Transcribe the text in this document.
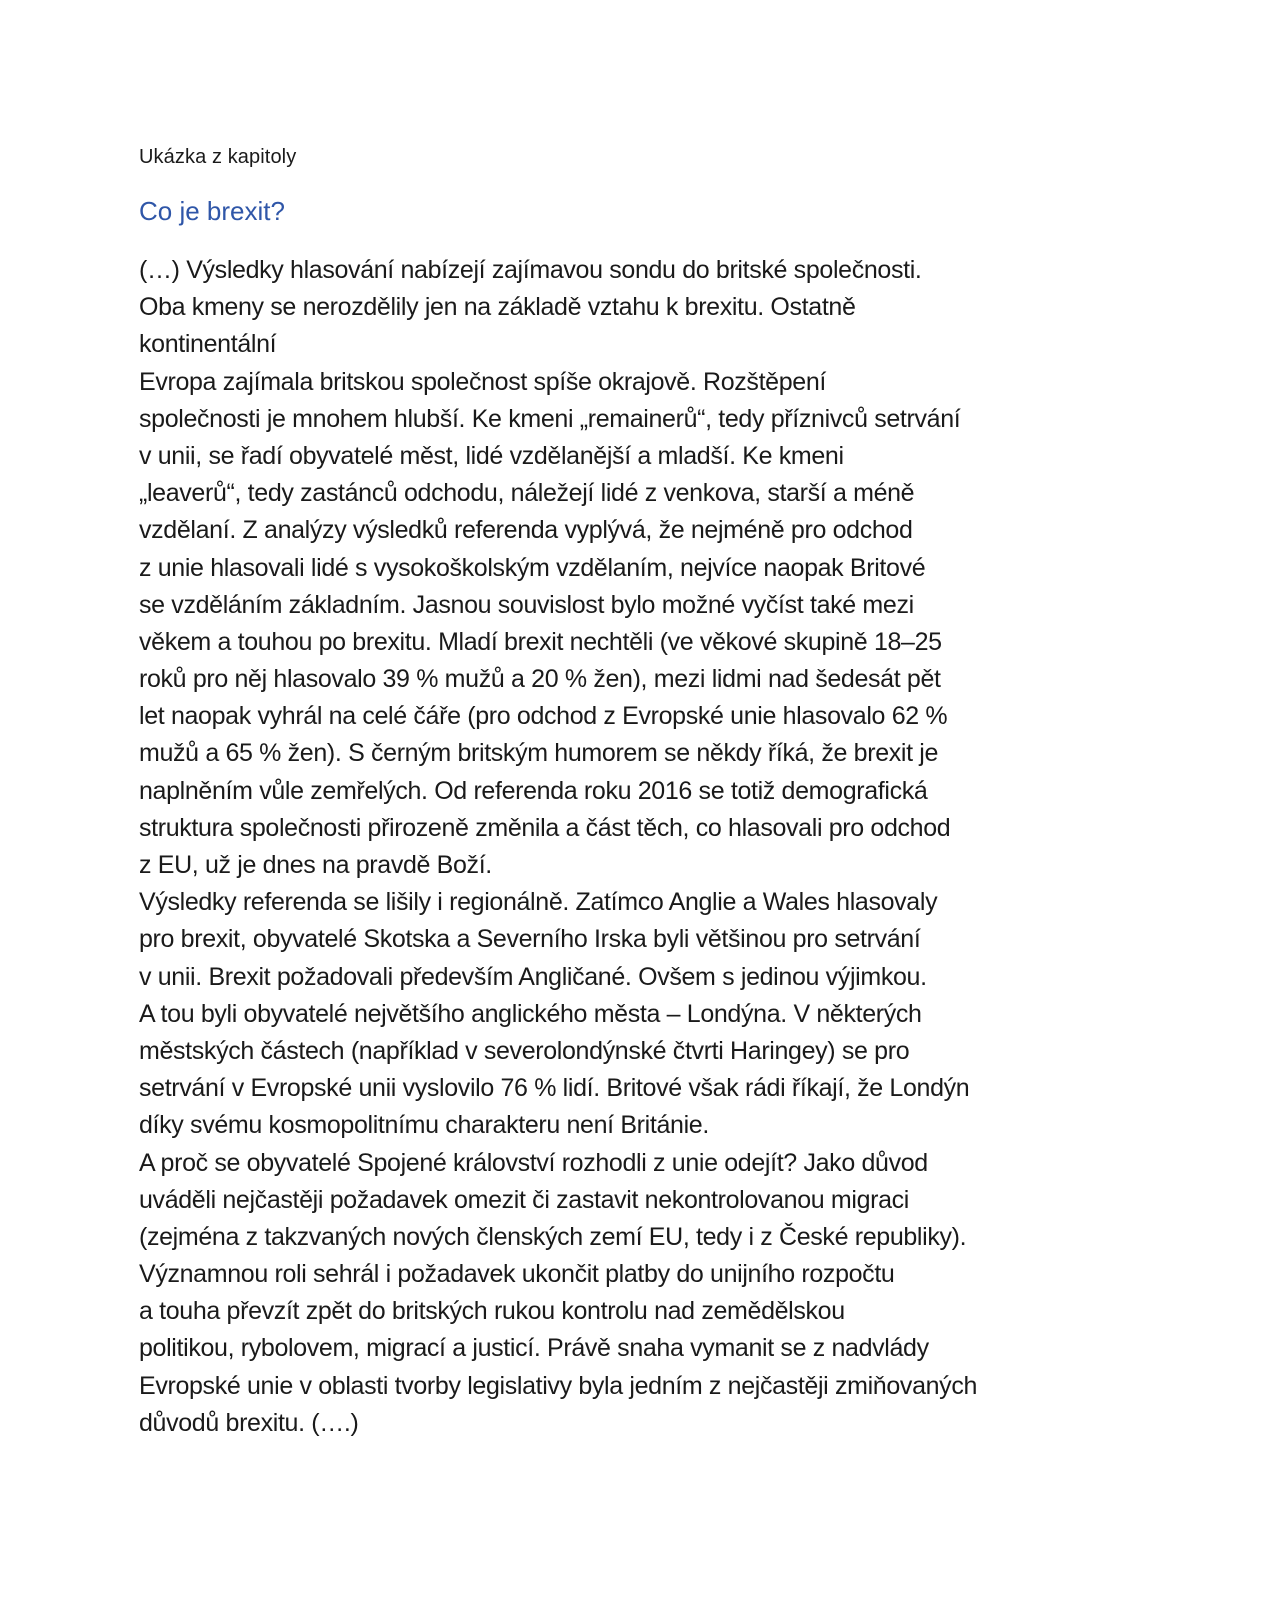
Ukázka z kapitoly
Co je brexit?
(…) Výsledky hlasování nabízejí zajímavou sondu do britské společnosti.
Oba kmeny se nerozdělily jen na základě vztahu k brexitu. Ostatně
kontinentální
Evropa zajímala britskou společnost spíše okrajově. Rozštěpení
společnosti je mnohem hlubší. Ke kmeni „remainerů“, tedy příznivců setrvání
v unii, se řadí obyvatelé měst, lidé vzdělanější a mladší. Ke kmeni
„leaverů“, tedy zastánců odchodu, náležejí lidé z venkova, starší a méně
vzdělaní. Z analýzy výsledků referenda vyplývá, že nejméně pro odchod
z unie hlasovali lidé s vysokoškolským vzdělaním, nejvíce naopak Britové
se vzděláním základním. Jasnou souvislost bylo možné vyčíst také mezi
věkem a touhou po brexitu. Mladí brexit nechtěli (ve věkové skupině 18–25
roků pro něj hlasovalo 39 % mužů a 20 % žen), mezi lidmi nad šedesát pět
let naopak vyhrál na celé čáře (pro odchod z Evropské unie hlasovalo 62 %
mužů a 65 % žen). S černým britským humorem se někdy říká, že brexit je
naplněním vůle zemřelých. Od referenda roku 2016 se totiž demografická
struktura společnosti přirozeně změnila a část těch, co hlasovali pro odchod
z EU, už je dnes na pravdě Boží.
Výsledky referenda se lišily i regionálně. Zatímco Anglie a Wales hlasovaly
pro brexit, obyvatelé Skotska a Severního Irska byli většinou pro setrvání
v unii. Brexit požadovali především Angličané. Ovšem s jedinou výjimkou.
A tou byli obyvatelé největšího anglického města – Londýna. V některých
městských částech (například v severolondýnské čtvrti Haringey) se pro
setrvání v Evropské unii vyslovilo 76 % lidí. Britové však rádi říkají, že Londýn
díky svému kosmopolitnímu charakteru není Británie.
A proč se obyvatelé Spojené království rozhodli z unie odejít? Jako důvod
uváděli nejčastěji požadavek omezit či zastavit nekontrolovanou migraci
(zejména z takzvaných nových členských zemí EU, tedy i z České republiky).
Významnou roli sehrál i požadavek ukončit platby do unijního rozpočtu
a touha převzít zpět do britských rukou kontrolu nad zemědělskou
politikou, rybolovem, migrací a justicí. Právě snaha vymanit se z nadvlády
Evropské unie v oblasti tvorby legislativy byla jedním z nejčastěji zmiňovaných
důvodů brexitu. (….)
